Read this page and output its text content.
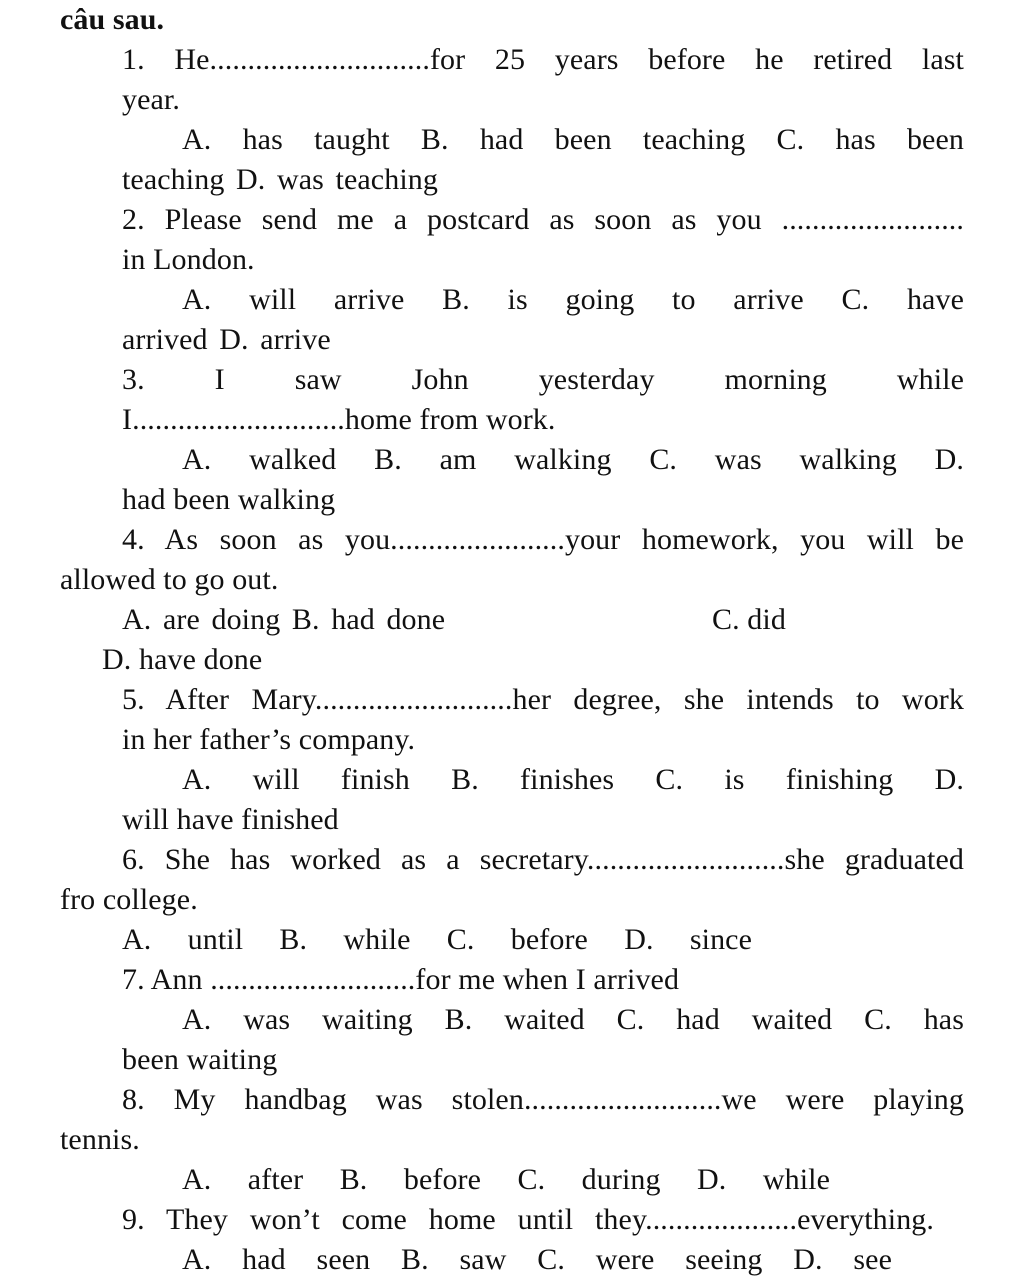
câu sau.
1. He.............................for 25 years before he retired last
year.
A. has taught B. had been teaching C. has been
teaching D. was teaching
2. Please send me a postcard as soon as you ........................
in London.
A. will arrive B. is going to arrive C. have
arrived D. arrive
3. I saw John yesterday morning while
I............................home from work.
A. walked B. am walking C. was walking D.
had been walking
4. As soon as you.......................your homework, you will be
allowed to go out.
A. are doing B. had done	C. did
D. have done
5. After Mary..........................her degree, she intends to work
in her father’s company.
A. will finish B. finishes C. is finishing D.
will have finished
6. She has worked as a secretary..........................she graduated
fro college.
A. until B. while C. before D. since
7. Ann ...........................for me when I arrived
A. was waiting B. waited C. had waited C. has
been waiting
8. My handbag was stolen..........................we were playing
tennis.
A. after B. before C. during D. while
9. They won’t come home until they....................everything.
A. had seen B. saw C. were seeing D. see
